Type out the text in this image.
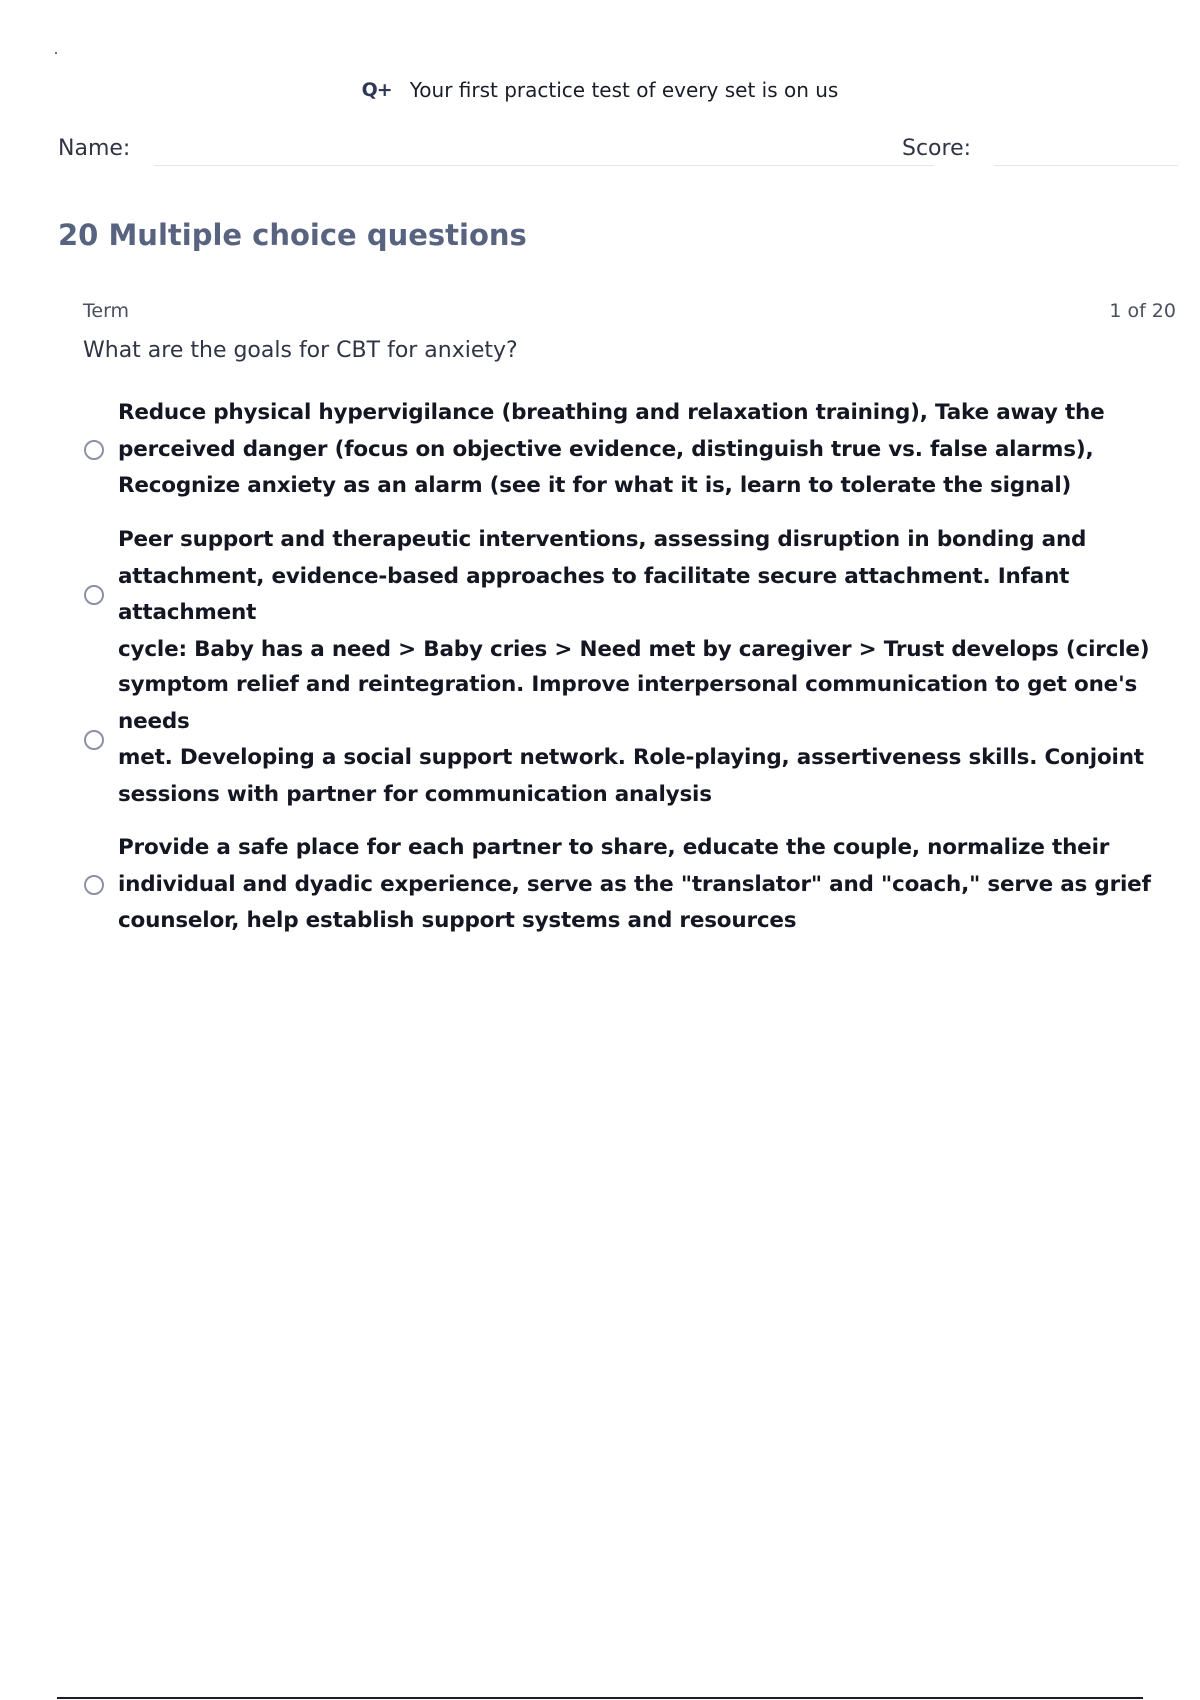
Q+ Your first practice test of every set is on us
Name:	Score:
20 Multiple choice questions
Term	1 of 20
What are the goals for CBT for anxiety?
Reduce physical hypervigilance (breathing and relaxation training), Take away the
perceived danger (focus on objective evidence, distinguish true vs. false alarms),
Recognize anxiety as an alarm (see it for what it is, learn to tolerate the signal)
Peer support and therapeutic interventions, assessing disruption in bonding and
attachment, evidence-based approaches to facilitate secure attachment. Infant attachment
cycle: Baby has a need > Baby cries > Need met by caregiver > Trust develops (circle)
symptom relief and reintegration. Improve interpersonal communication to get one's needs
met. Developing a social support network. Role-playing, assertiveness skills. Conjoint
sessions with partner for communication analysis
Provide a safe place for each partner to share, educate the couple, normalize their
individual and dyadic experience, serve as the "translator" and "coach," serve as grief
counselor, help establish support systems and resources
